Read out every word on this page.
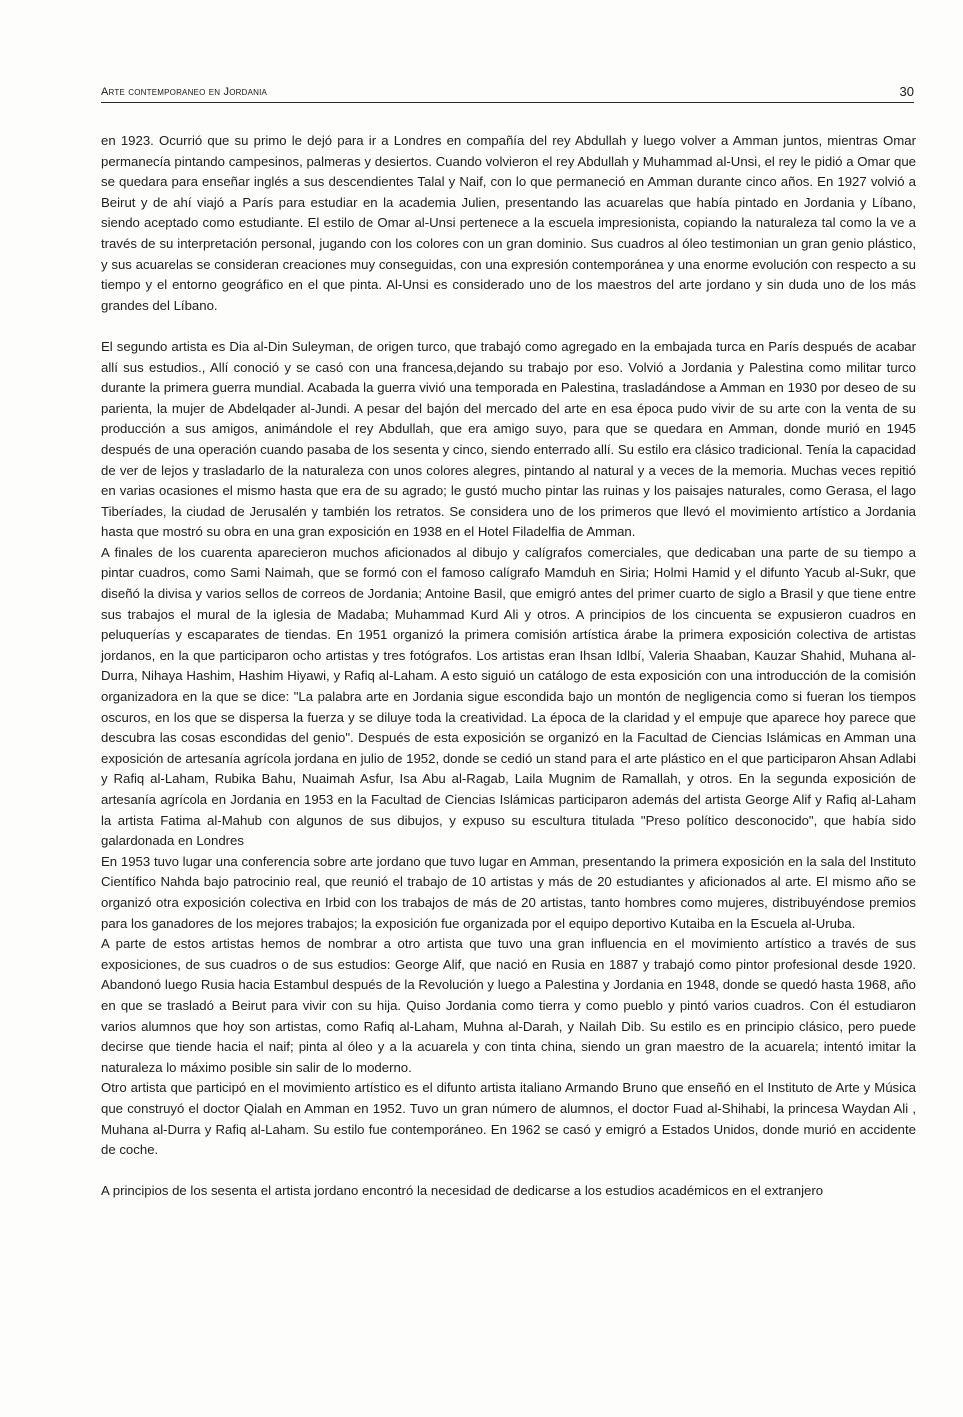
Arte contemporaneo en Jordania	30

en 1923. Ocurrió que su primo le dejó para ir a Londres en compañía del rey Abdullah y luego volver a Amman juntos, mientras Omar permanecía pintando campesinos, palmeras y desiertos. Cuando volvieron el rey Abdullah y Muhammad al-Unsi, el rey le pidió a Omar que se quedara para enseñar inglés a sus descendientes Talal y Naif, con lo que permaneció en Amman durante cinco años. En 1927 volvió a Beirut y de ahí viajó a París para estudiar en la academia Julien, presentando las acuarelas que había pintado en Jordania y Líbano, siendo aceptado como estudiante. El estilo de Omar al-Unsi pertenece a la escuela impresionista, copiando la naturaleza tal como la ve a través de su interpretación personal, jugando con los colores con un gran dominio. Sus cuadros al óleo testimonian un gran genio plástico, y sus acuarelas se consideran creaciones muy conseguidas, con una expresión contemporánea y una enorme evolución con respecto a su tiempo y el entorno geográfico en el que pinta. Al-Unsi es considerado uno de los maestros del arte jordano y sin duda uno de los más grandes del Líbano.

El segundo artista es Dia al-Din Suleyman, de origen turco, que trabajó como agregado en la embajada turca en París después de acabar allí sus estudios., Allí conoció y se casó con una francesa,dejando su trabajo por eso. Volvió a Jordania y Palestina como militar turco durante la primera guerra mundial. Acabada la guerra vivió una temporada en Palestina, trasladándose a Amman en 1930 por deseo de su parienta, la mujer de Abdelqader al-Jundi. A pesar del bajón del mercado del arte en esa época pudo vivir de su arte con la venta de su producción a sus amigos, animándole el rey Abdullah, que era amigo suyo, para que se quedara en Amman, donde murió en 1945 después de una operación cuando pasaba de los sesenta y cinco, siendo enterrado allí. Su estilo era clásico tradicional. Tenía la capacidad de ver de lejos y trasladarlo de la naturaleza con unos colores alegres, pintando al natural y a veces de la memoria. Muchas veces repitió en varias ocasiones el mismo hasta que era de su agrado; le gustó mucho pintar las ruinas y los paisajes naturales, como Gerasa, el lago Tiberíades, la ciudad de Jerusalén y también los retratos. Se considera uno de los primeros que llevó el movimiento artístico a Jordania hasta que mostró su obra en una gran exposición en 1938 en el Hotel Filadelfia de Amman.

A finales de los cuarenta aparecieron muchos aficionados al dibujo y calígrafos comerciales, que dedicaban una parte de su tiempo a pintar cuadros, como Sami Naimah, que se formó con el famoso calígrafo Mamduh en Siria; Holmi Hamid y el difunto Yacub al-Sukr, que diseñó la divisa y varios sellos de correos de Jordania; Antoine Basil, que emigró antes del primer cuarto de siglo a Brasil y que tiene entre sus trabajos el mural de la iglesia de Madaba; Muhammad Kurd Ali y otros. A principios de los cincuenta se expusieron cuadros en peluquerías y escaparates de tiendas. En 1951 organizó la primera comisión artística árabe la primera exposición colectiva de artistas jordanos, en la que participaron ocho artistas y tres fotógrafos. Los artistas eran Ihsan Idlbí, Valeria Shaaban, Kauzar Shahid, Muhana al-Durra, Nihaya Hashim, Hashim Hiyawi, y Rafiq al-Laham. A esto siguió un catálogo de esta exposición con una introducción de la comisión organizadora en la que se dice: "La palabra arte en Jordania sigue escondida bajo un montón de negligencia como si fueran los tiempos oscuros, en los que se dispersa la fuerza y se diluye toda la creatividad. La época de la claridad y el empuje que aparece hoy parece que descubra las cosas escondidas del genio". Después de esta exposición se organizó en la Facultad de Ciencias Islámicas en Amman una exposición de artesanía agrícola jordana en julio de 1952, donde se cedió un stand para el arte plástico en el que participaron Ahsan Adlabi y Rafiq al-Laham, Rubika Bahu, Nuaimah Asfur, Isa Abu al-Ragab, Laila Mugnim de Ramallah, y otros. En la segunda exposición de artesanía agrícola en Jordania en 1953 en la Facultad de Ciencias Islámicas participaron además del artista George Alif y Rafiq al-Laham la artista Fatima al-Mahub con algunos de sus dibujos, y expuso su escultura titulada "Preso político desconocido", que había sido galardonada en Londres

En 1953 tuvo lugar una conferencia sobre arte jordano que tuvo lugar en Amman, presentando la primera exposición en la sala del Instituto Científico Nahda bajo patrocinio real, que reunió el trabajo de 10 artistas y más de 20 estudiantes y aficionados al arte. El mismo año se organizó otra exposición colectiva en Irbid con los trabajos de más de 20 artistas, tanto hombres como mujeres, distribuyéndose premios para los ganadores de los mejores trabajos; la exposición fue organizada por el equipo deportivo Kutaiba en la Escuela al-Uruba.

A parte de estos artistas hemos de nombrar a otro artista que tuvo una gran influencia en el movimiento artístico a través de sus exposiciones, de sus cuadros o de sus estudios: George Alif, que nació en Rusia en 1887 y trabajó como pintor profesional desde 1920. Abandonó luego Rusia hacia Estambul después de la Revolución y luego a Palestina y Jordania en 1948, donde se quedó hasta 1968, año en que se trasladó a Beirut para vivir con su hija. Quiso Jordania como tierra y como pueblo y pintó varios cuadros. Con él estudiaron varios alumnos que hoy son artistas, como Rafiq al-Laham, Muhna al-Darah, y Nailah Dib. Su estilo es en principio clásico, pero puede decirse que tiende hacia el naif; pinta al óleo y a la acuarela y con tinta china, siendo un gran maestro de la acuarela; intentó imitar la naturaleza lo máximo posible sin salir de lo moderno.

Otro artista que participó en el movimiento artístico es el difunto artista italiano Armando Bruno que enseñó en el Instituto de Arte y Música que construyó el doctor Qialah en Amman en 1952. Tuvo un gran número de alumnos, el doctor Fuad al-Shihabi, la princesa Waydan Ali , Muhana al-Durra y Rafiq al-Laham. Su estilo fue contemporáneo. En 1962 se casó y emigró a Estados Unidos, donde murió en accidente de coche.

A principios de los sesenta el artista jordano encontró la necesidad de dedicarse a los estudios académicos en el extranjero
